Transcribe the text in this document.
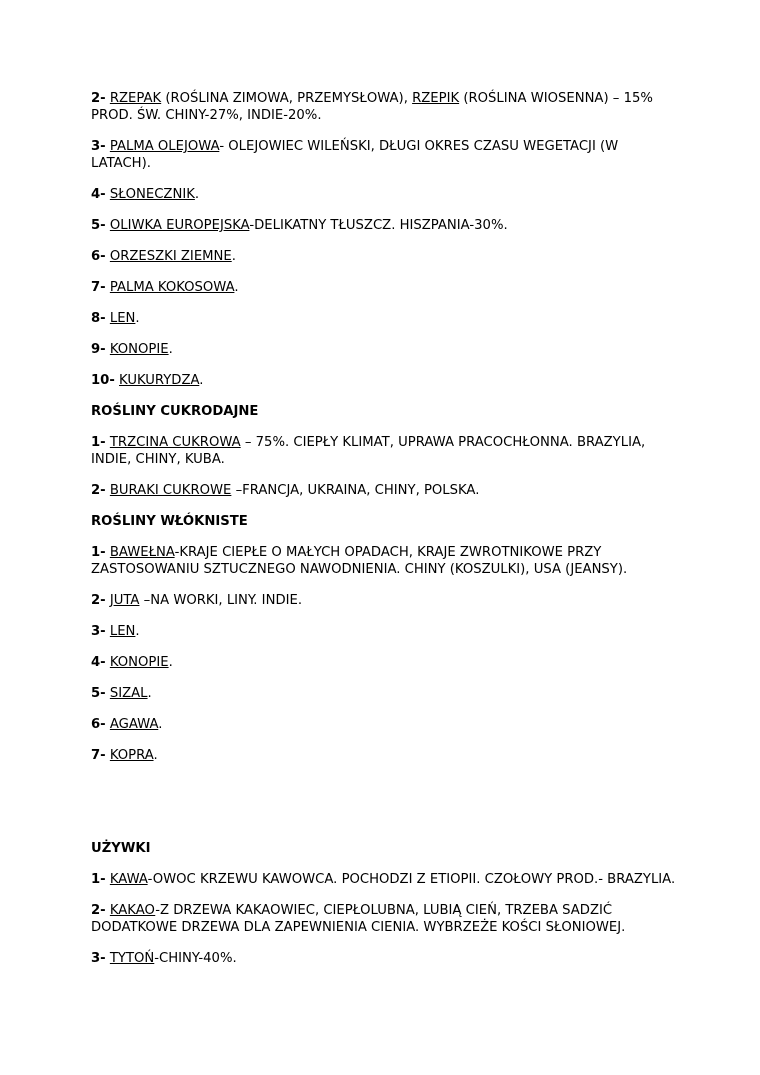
2- RZEPAK (ROŚLINA ZIMOWA, PRZEMYSŁOWA), RZEPIK (ROŚLINA WIOSENNA) – 15% PROD. ŚW. CHINY-27%, INDIE-20%.

3- PALMA OLEJOWA- OLEJOWIEC WILEŃSKI, DŁUGI OKRES CZASU WEGETACJI (W LATACH).

4- SŁONECZNIK.

5- OLIWKA EUROPEJSKA-DELIKATNY TŁUSZCZ. HISZPANIA-30%.

6- ORZESZKI ZIEMNE.

7- PALMA KOKOSOWA.

8- LEN.

9- KONOPIE.

10- KUKURYDZA.

ROŚLINY CUKRODAJNE

1- TRZCINA CUKROWA – 75%. CIEPŁY KLIMAT, UPRAWA PRACOCHŁONNA. BRAZYLIA, INDIE, CHINY, KUBA.

2- BURAKI CUKROWE –FRANCJA, UKRAINA, CHINY, POLSKA.

ROŚLINY WŁÓKNISTE

1- BAWEŁNA-KRAJE CIEPŁE O MAŁYCH OPADACH, KRAJE ZWROTNIKOWE PRZY ZASTOSOWANIU SZTUCZNEGO NAWODNIENIA. CHINY (KOSZULKI), USA (JEANSY).

2- JUTA –NA WORKI, LINY. INDIE.

3- LEN.

4- KONOPIE.

5- SIZAL.

6- AGAWA.

7- KOPRA.

UŻYWKI

1- KAWA-OWOC KRZEWU KAWOWCA. POCHODZI Z ETIOPII. CZOŁOWY PROD.- BRAZYLIA.

2- KAKAO-Z DRZEWA KAKAOWIEC, CIEPŁOLUBNA, LUBIĄ CIEŃ, TRZEBA SADZIĆ DODATKOWE DRZEWA DLA ZAPEWNIENIA CIENIA. WYBRZEŻE KOŚCI SŁONIOWEJ.

3- TYTOŃ-CHINY-40%.
